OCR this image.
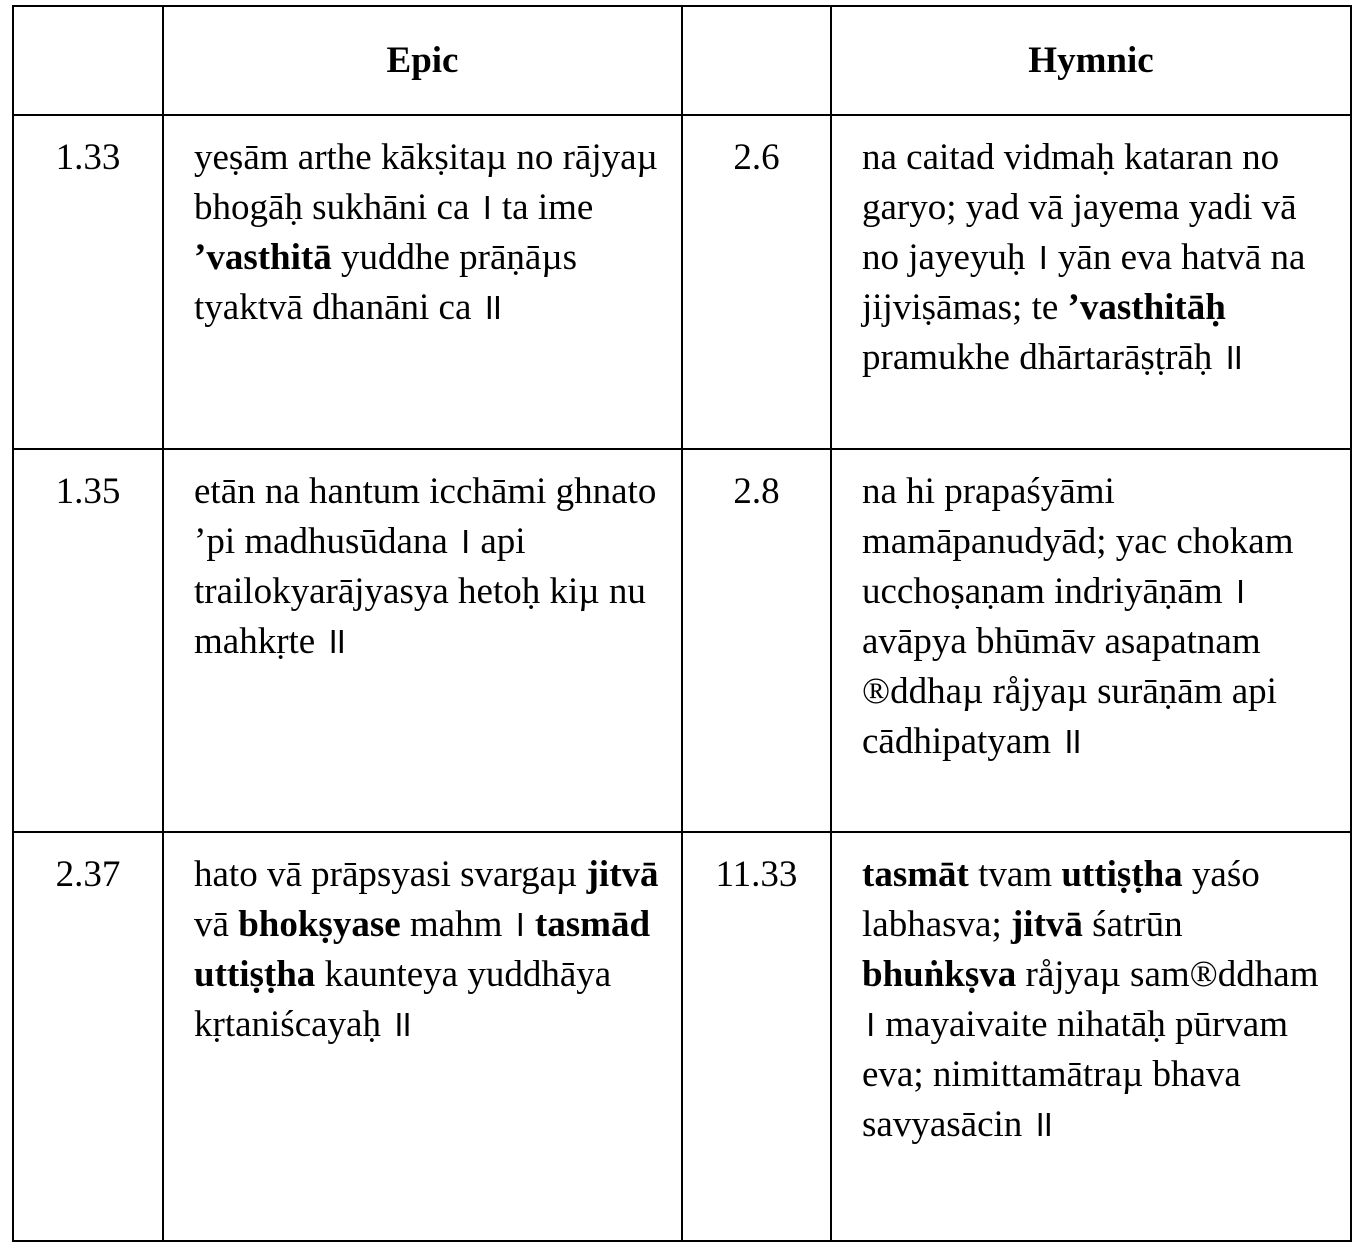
	Epic		Hymnic
1.33	yeṣām arthe kākṣitaµ no rājyaµ bhogāḥ sukhāni ca । ta ime ’vasthitā yuddhe prāṇāµs tyaktvā dhanāni ca ॥	2.6	na caitad vidmaḥ kataran no garyo; yad vā jayema yadi vā no jayeyuḥ । yān eva hatvā na jijviṣāmas; te ’vasthitāḥ pramukhe dhārtarāṣṭrāḥ ॥
1.35	etān na hantum icchāmi ghnato ’pi madhusūdana । api trailokyarājyasya hetoḥ kiµ nu mahkṛte ॥	2.8	na hi prapaśyāmi mamāpanudyād; yac chokam ucchoṣaṇam indriyāṇām । avāpya bhūmāv asapatnam ®ddhaµ råjyaµ surāṇām api cādhipatyam ॥
2.37	hato vā prāpsyasi svargaµ jitvā vā bhokṣyase mahm । tasmād uttiṣṭha kaunteya yuddhāya kṛtaniścayaḥ ॥	11.33	tasmāt tvam uttiṣṭha yaśo labhasva; jitvā śatrūn bhuṅkṣva råjyaµ sam®ddham । mayaivaite nihatāḥ pūrvam eva; nimittamātraµ bhava savyasācin ॥
